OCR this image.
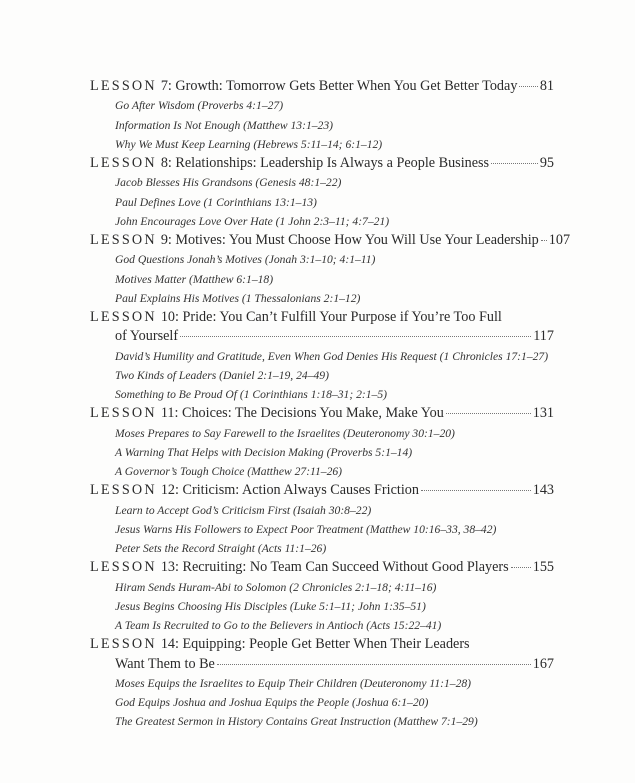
LESSON 7 : Growth: Tomorrow Gets Better When You Get Better Today 81
Go After Wisdom (Proverbs 4:1–27)
Information Is Not Enough (Matthew 13:1–23)
Why We Must Keep Learning (Hebrews 5:11–14; 6:1–12)
LESSON 8 : Relationships: Leadership Is Always a People Business	95
Jacob Blesses His Grandsons (Genesis 48:1–22)
Paul Defines Love (1 Corinthians 13:1–13)
John Encourages Love Over Hate (1 John 2:3–11; 4:7–21)
LESSON 9 : Motives: You Must Choose How You Will Use Your Leadership 107
God Questions Jonah’s Motives (Jonah 3:1–10; 4:1–11)
Motives Matter (Matthew 6:1–18)
Paul Explains His Motives (1 Thessalonians 2:1–12)
LESSON 10 : Pride: You Can’t Fulfill Your Purpose if You’re Too Full
of Yourself	117
David’s Humility and Gratitude, Even When God Denies His Request (1 Chronicles 17:1–27)
Two Kinds of Leaders (Daniel 2:1–19, 24–49)
Something to Be Proud Of (1 Corinthians 1:18–31; 2:1–5)
LESSON 11 : Choices: The Decisions You Make, Make You	131
Moses Prepares to Say Farewell to the Israelites (Deuteronomy 30:1–20)
A Warning That Helps with Decision Making (Proverbs 5:1–14)
A Governor’s Tough Choice (Matthew 27:11–26)
LESSON 12 : Criticism: Action Always Causes Friction	143
Learn to Accept God’s Criticism First (Isaiah 30:8–22)
Jesus Warns His Followers to Expect Poor Treatment (Matthew 10:16–33, 38–42)
Peter Sets the Record Straight (Acts 11:1–26)
LESSON 13 : Recruiting: No Team Can Succeed Without Good Players 155
Hiram Sends Huram-Abi to Solomon (2 Chronicles 2:1–18; 4:11–16)
Jesus Begins Choosing His Disciples (Luke 5:1–11; John 1:35–51)
A Team Is Recruited to Go to the Believers in Antioch (Acts 15:22–41)
LESSON 14 : Equipping: People Get Better When Their Leaders
Want Them to Be	167
Moses Equips the Israelites to Equip Their Children (Deuteronomy 11:1–28)
God Equips Joshua and Joshua Equips the People (Joshua 6:1–20)
The Greatest Sermon in History Contains Great Instruction (Matthew 7:1–29)
